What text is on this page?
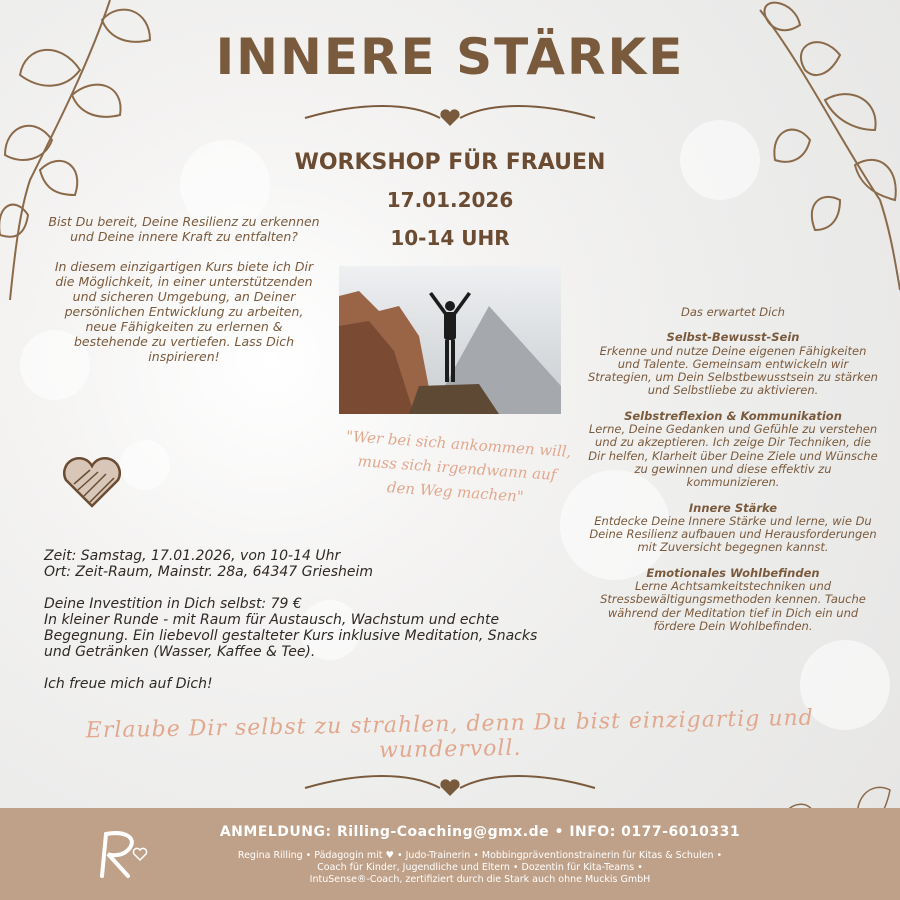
INNERE STÄRKE
WORKSHOP FÜR FRAUEN
17.01.2026
10-14 UHR

Bist Du bereit, Deine Resilienz zu erkennen und Deine innere Kraft zu entfalten?

In diesem einzigartigen Kurs biete ich Dir die Möglichkeit, in einer unterstützenden und sicheren Umgebung, an Deiner persönlichen Entwicklung zu arbeiten, neue Fähigkeiten zu erlernen & bestehende zu vertiefen. Lass Dich inspirieren!

"Wer bei sich ankommen will, muss sich irgendwann auf den Weg machen"

Das erwartet Dich

Selbst-Bewusst-Sein

Erkenne und nutze Deine eigenen Fähigkeiten und Talente. Gemeinsam entwickeln wir Strategien, um Dein Selbstbewusstsein zu stärken und Selbstliebe zu aktivieren.

Selbstreflexion & Kommunikation

Lerne, Deine Gedanken und Gefühle zu verstehen und zu akzeptieren. Ich zeige Dir Techniken, die Dir helfen, Klarheit über Deine Ziele und Wünsche zu gewinnen und diese effektiv zu kommunizieren.

Innere Stärke

Entdecke Deine Innere Stärke und lerne, wie Du Deine Resilienz aufbauen und Herausforderungen mit Zuversicht begegnen kannst.

Emotionales Wohlbefinden

Lerne Achtsamkeitstechniken und Stressbewältigungsmethoden kennen. Tauche während der Meditation tief in Dich ein und fördere Dein Wohlbefinden.

Zeit: Samstag, 17.01.2026, von 10-14 Uhr

Ort: Zeit-Raum, Mainstr. 28a, 64347 Griesheim

Deine Investition in Dich selbst: 79 €

In kleiner Runde - mit Raum für Austausch, Wachstum und echte Begegnung. Ein liebevoll gestalteter Kurs inklusive Meditation, Snacks und Getränken (Wasser, Kaffee & Tee).

Ich freue mich auf Dich!

Erlaube Dir selbst zu strahlen, denn Du bist einzigartig und wundervoll.
ANMELDUNG: Rilling-Coaching@gmx.de • INFO: 0177-6010331
Regina Rilling • Pädagogin mit ♥ • Judo-Trainerin • Mobbingpräventionstrainerin für Kitas & Schulen •
Coach für Kinder, Jugendliche und Eltern • Dozentin für Kita-Teams •
IntuSense®-Coach, zertifiziert durch die Stark auch ohne Muckis GmbH
